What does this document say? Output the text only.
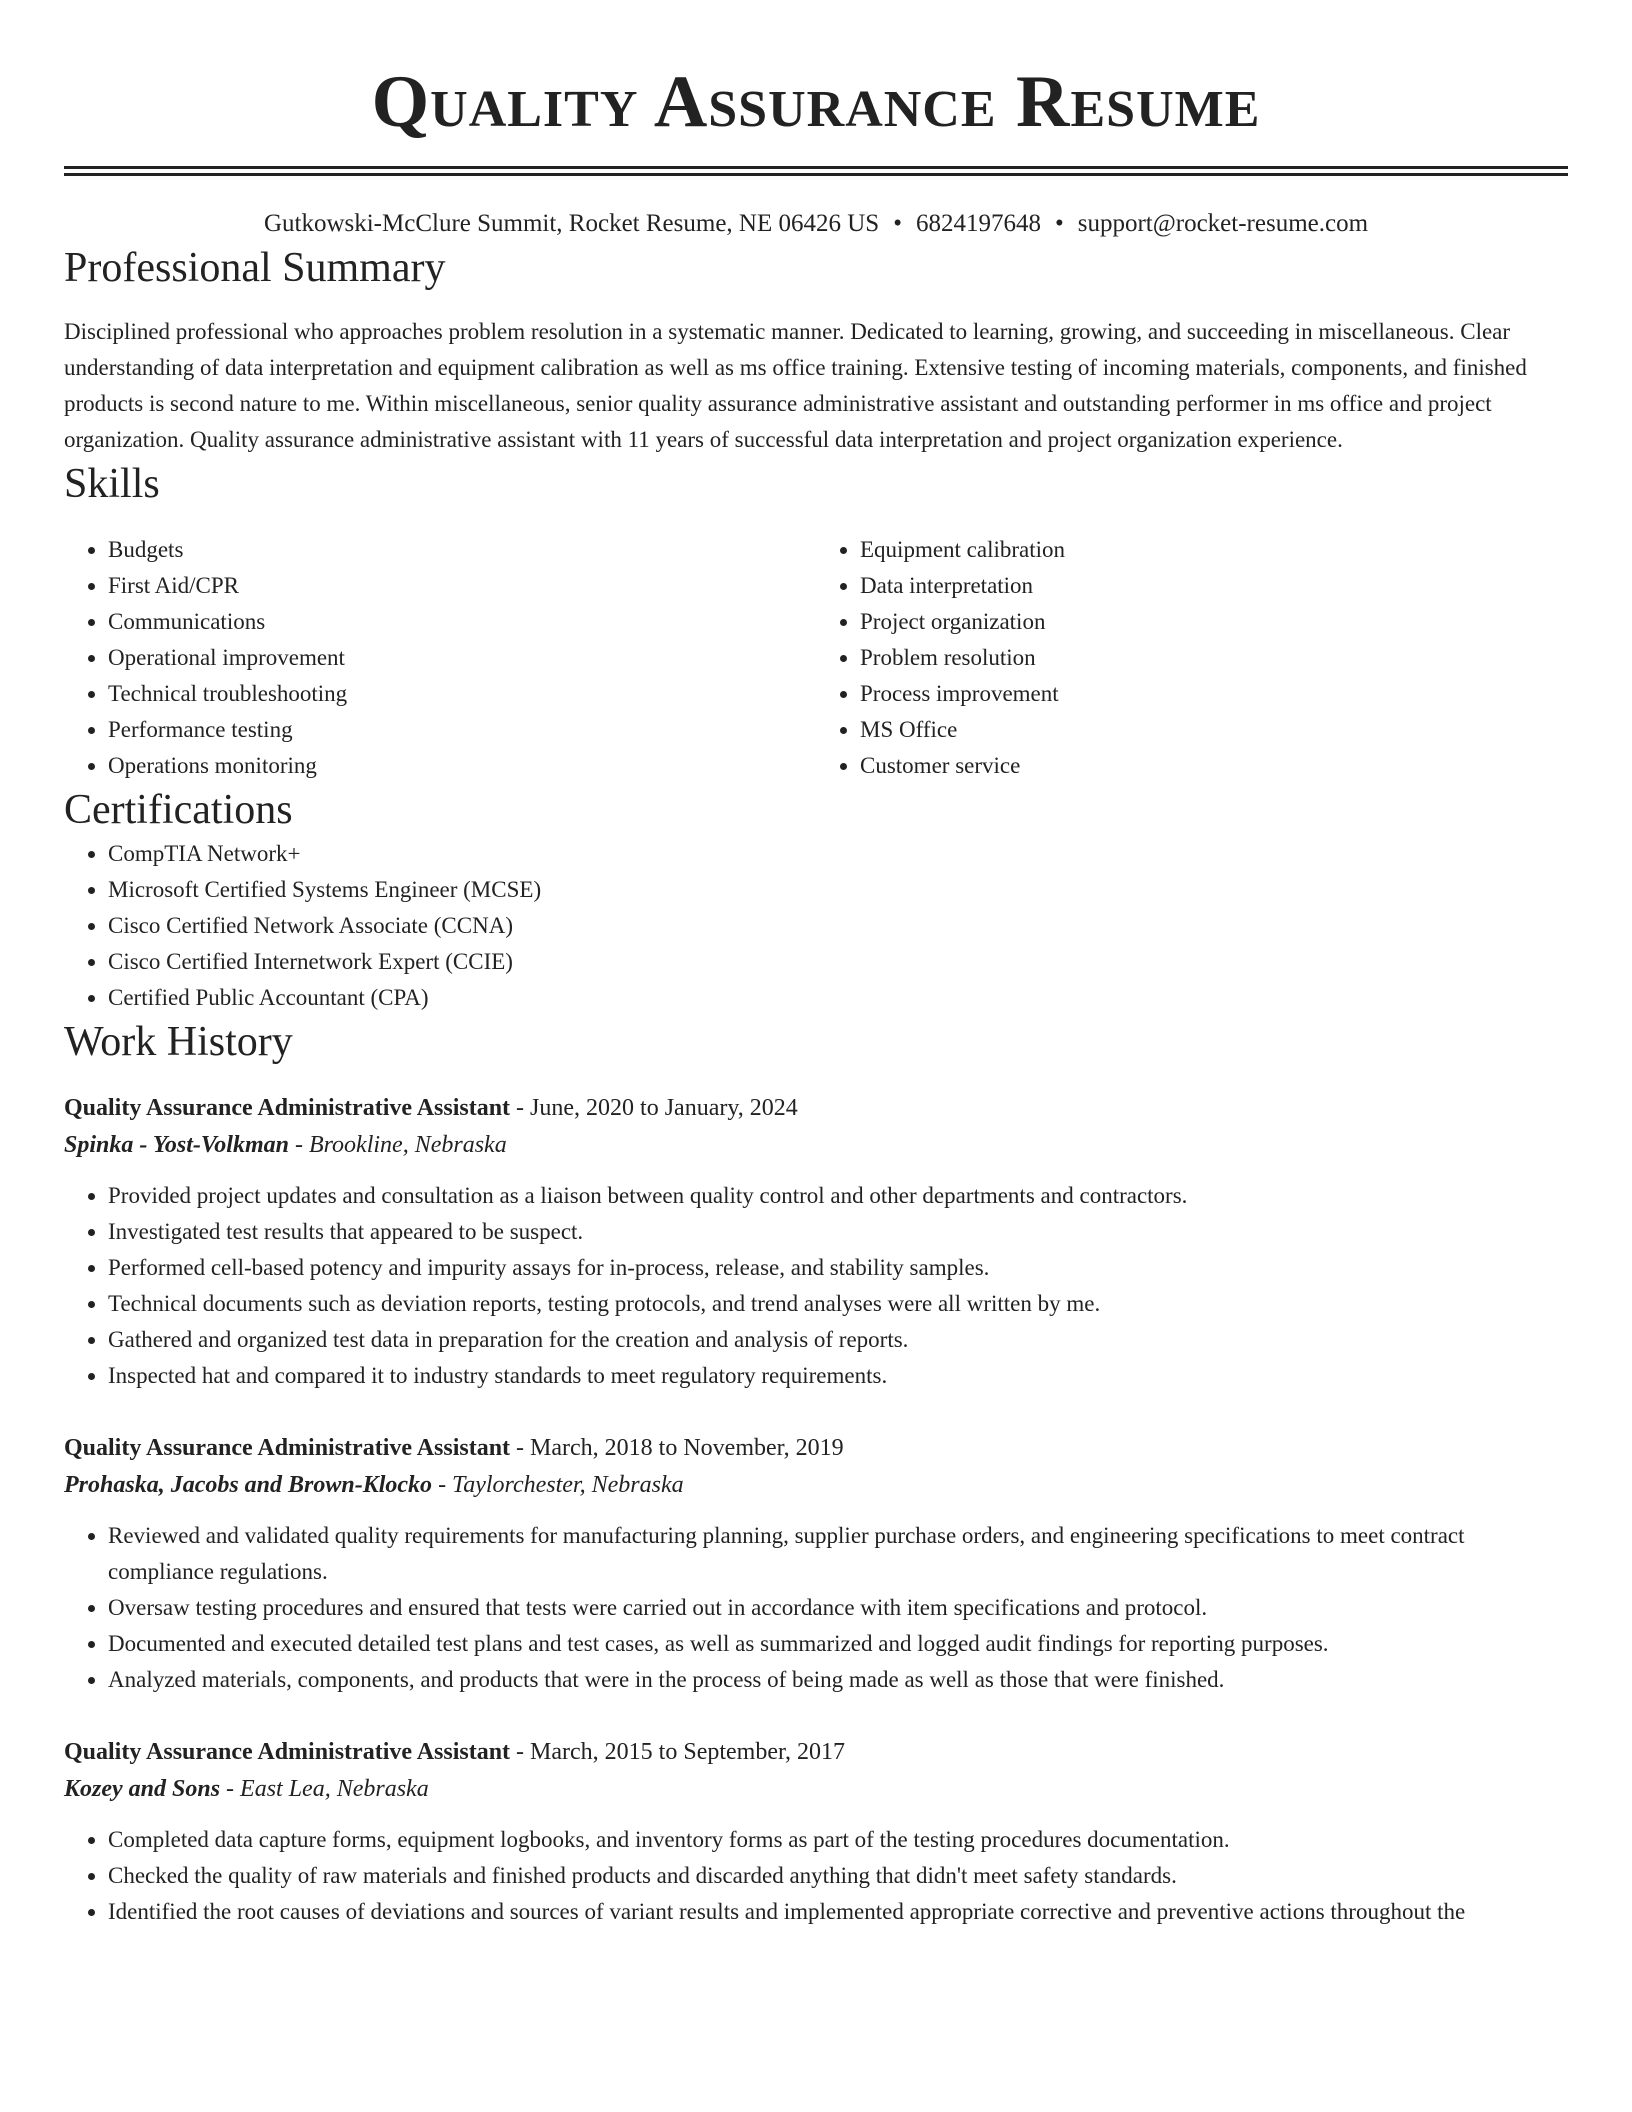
Quality Assurance Resume
Gutkowski-McClure Summit, Rocket Resume, NE 06426 US • 6824197648 • support@rocket-resume.com
Professional Summary

Disciplined professional who approaches problem resolution in a systematic manner. Dedicated to learning, growing, and succeeding in miscellaneous. Clear understanding of data interpretation and equipment calibration as well as ms office training. Extensive testing of incoming materials, components, and finished products is second nature to me. Within miscellaneous, senior quality assurance administrative assistant and outstanding performer in ms office and project organization. Quality assurance administrative assistant with 11 years of successful data interpretation and project organization experience.

Skills
• Budgets
• First Aid/CPR
• Communications
• Operational improvement
• Technical troubleshooting
• Performance testing
• Operations monitoring
• Equipment calibration
• Data interpretation
• Project organization
• Problem resolution
• Process improvement
• MS Office
• Customer service
Certifications
• CompTIA Network+
• Microsoft Certified Systems Engineer (MCSE)
• Cisco Certified Network Associate (CCNA)
• Cisco Certified Internetwork Expert (CCIE)
• Certified Public Accountant (CPA)
Work History
Quality Assurance Administrative Assistant - June, 2020 to January, 2024
Spinka - Yost-Volkman - Brookline, Nebraska
• Provided project updates and consultation as a liaison between quality control and other departments and contractors.
• Investigated test results that appeared to be suspect.
• Performed cell-based potency and impurity assays for in-process, release, and stability samples.
• Technical documents such as deviation reports, testing protocols, and trend analyses were all written by me.
• Gathered and organized test data in preparation for the creation and analysis of reports.
• Inspected hat and compared it to industry standards to meet regulatory requirements.
Quality Assurance Administrative Assistant - March, 2018 to November, 2019
Prohaska, Jacobs and Brown-Klocko - Taylorchester, Nebraska
• Reviewed and validated quality requirements for manufacturing planning, supplier purchase orders, and engineering specifications to meet contract compliance regulations.
• Oversaw testing procedures and ensured that tests were carried out in accordance with item specifications and protocol.
• Documented and executed detailed test plans and test cases, as well as summarized and logged audit findings for reporting purposes.
• Analyzed materials, components, and products that were in the process of being made as well as those that were finished.
Quality Assurance Administrative Assistant - March, 2015 to September, 2017
Kozey and Sons - East Lea, Nebraska
• Completed data capture forms, equipment logbooks, and inventory forms as part of the testing procedures documentation.
• Checked the quality of raw materials and finished products and discarded anything that didn't meet safety standards.
• Identified the root causes of deviations and sources of variant results and implemented appropriate corrective and preventive actions throughout the
